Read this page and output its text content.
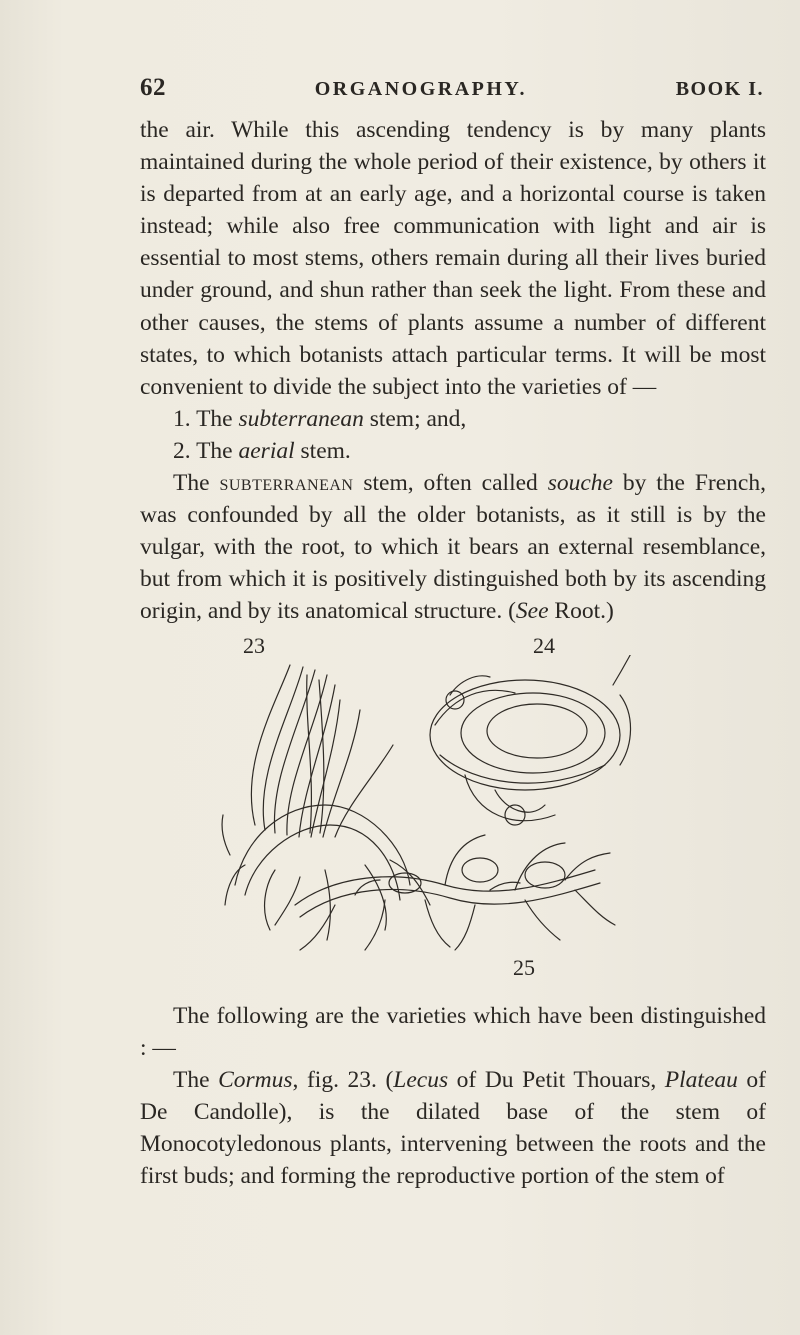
62	ORGANOGRAPHY.	BOOK I.

the air. While this ascending tendency is by many plants maintained during the whole period of their existence, by others it is departed from at an early age, and a horizontal course is taken instead; while also free communication with light and air is essential to most stems, others remain during all their lives buried under ground, and shun rather than seek the light. From these and other causes, the stems of plants assume a number of different states, to which botanists attach particular terms. It will be most convenient to divide the subject into the varieties of —

1. The subterranean stem; and,

2. The aerial stem.

The subterranean stem, often called souche by the French, was confounded by all the older botanists, as it still is by the vulgar, with the root, to which it bears an external resemblance, but from which it is positively distinguished both by its ascending origin, and by its anatomical structure. (See Root.)

23	24
25

The following are the varieties which have been distinguished : —

The Cormus, fig. 23. (Lecus of Du Petit Thouars, Plateau of De Candolle), is the dilated base of the stem of Monocotyledonous plants, intervening between the roots and the first buds; and forming the reproductive portion of the stem of
